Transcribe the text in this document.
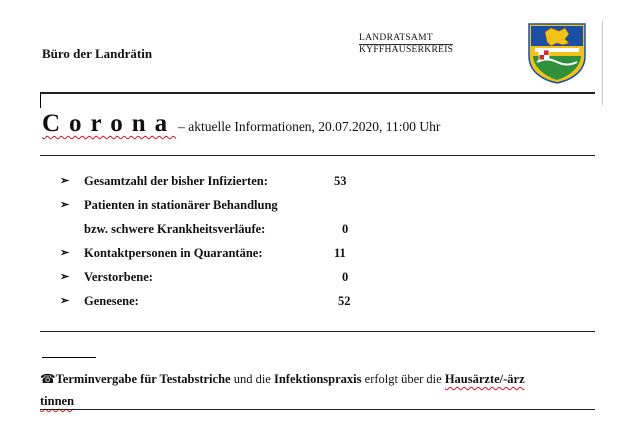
Büro der Landrätin
LANDRATSAMT
KYFFHÄUSERKREIS
Corona – aktuelle Informationen, 20.07.2020, 11:00 Uhr
➢ Gesamtzahl der bisher Infizierten:	53
➢ Patienten in stationärer Behandlung
bzw. schwere Krankheitsverläufe:	0
➢ Kontaktpersonen in Quarantäne:	11
➢ Verstorbene:	0
➢ Genesene:	52
☎Terminvergabe für Testabstriche und die Infektionspraxis erfolgt über die Hausärzte/-ärz
tinnen
